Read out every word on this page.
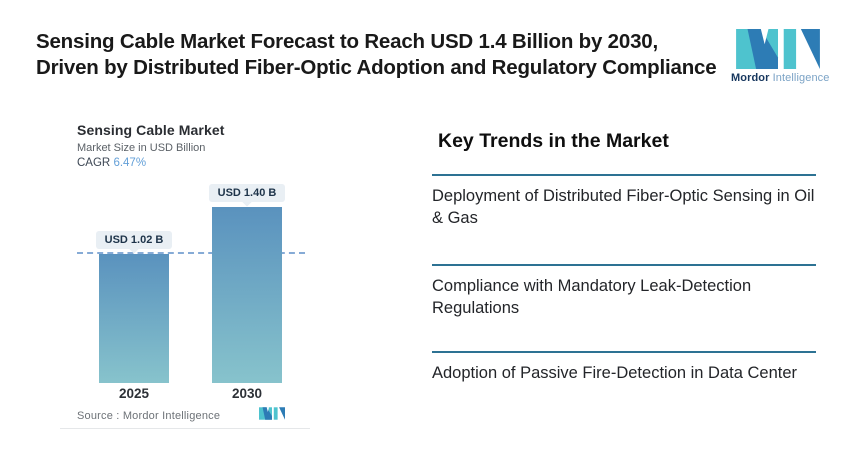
Sensing Cable Market Forecast to Reach USD 1.4 Billion by 2030,
Driven by Distributed Fiber-Optic Adoption and Regulatory Compliance	Mordor Intelligence
Sensing Cable Market
Market Size in USD Billion
CAGR 6.47%
USD 1.02 B
USD 1.40 B
2025	2030
Source : Mordor Intelligence
Key Trends in the Market
Deployment of Distributed Fiber-Optic Sensing in Oil & Gas
Compliance with Mandatory Leak-Detection Regulations
Adoption of Passive Fire-Detection in Data Center
